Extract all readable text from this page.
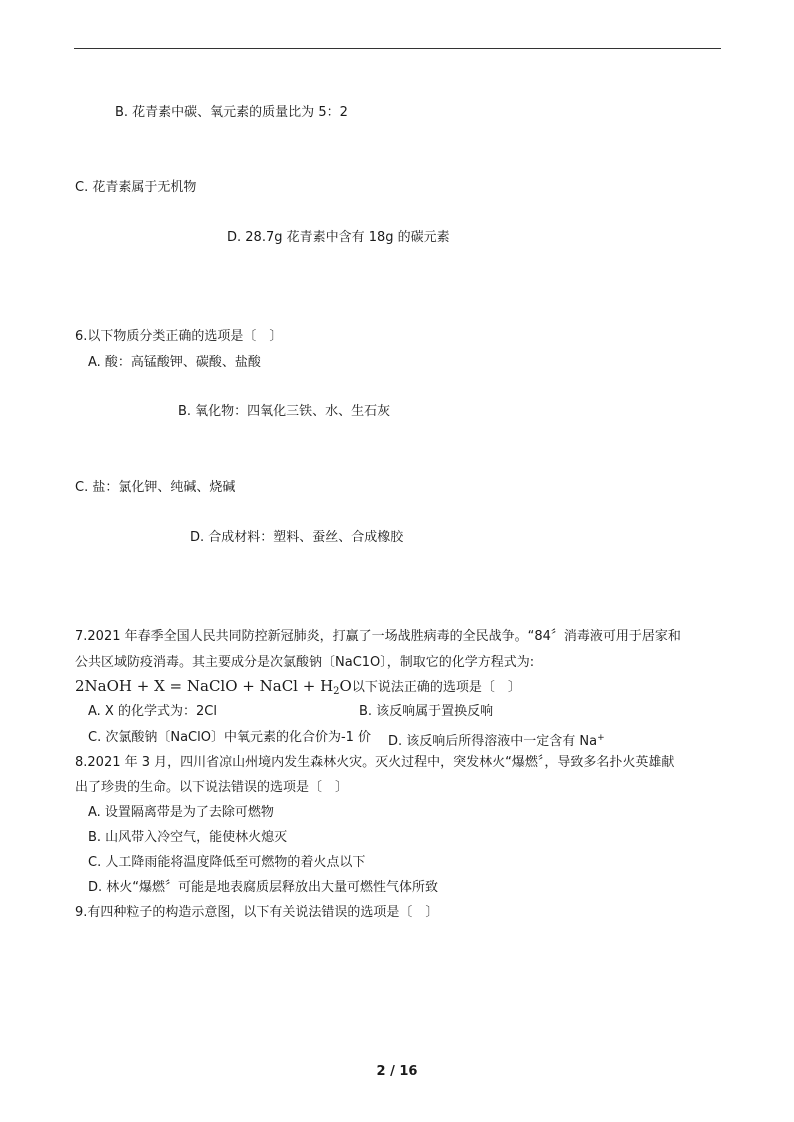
B. 花青素中碳、氧元素的质量比为 5：2
C. 花青素属于无机物
D. 28.7g 花青素中含有 18g 的碳元素
6.以下物质分类正确的选项是〔　〕
A. 酸：高锰酸钾、碳酸、盐酸
B. 氧化物：四氧化三铁、水、生石灰
C. 盐：氯化钾、纯碱、烧碱
D. 合成材料：塑料、蚕丝、合成橡胶
7.2021 年春季全国人民共同防控新冠肺炎，打赢了一场战胜病毒的全民战争。“84〞消毒液可用于居家和
公共区域防疫消毒。其主要成分是次氯酸钠〔NaC1O〕，制取它的化学方程式为:
2NaOH + X = NaClO + NaCl + $H_2O$以下说法正确的选项是〔　〕
A. X 的化学式为：2Cl	B. 该反响属于置换反响
C. 次氯酸钠〔NaClO〕中氧元素的化合价为-1 价 D. 该反响后所得溶液中一定含有 Na+
8.2021 年 3 月，四川省凉山州境内发生森林火灾。灭火过程中，突发林火“爆燃〞，导致多名扑火英雄献
出了珍贵的生命。以下说法错误的选项是〔　〕
A. 设置隔离带是为了去除可燃物
B. 山风带入冷空气，能使林火熄灭
C. 人工降雨能将温度降低至可燃物的着火点以下
D. 林火“爆燃〞可能是地表腐质层释放出大量可燃性气体所致
9.有四种粒子的构造示意图，以下有关说法错误的选项是〔　〕
2 / 16
